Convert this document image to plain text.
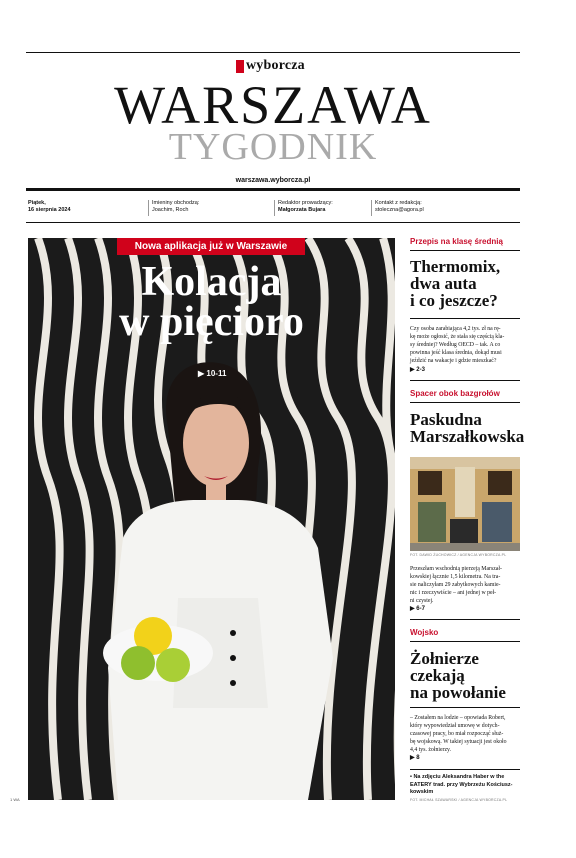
wyborcza
WARSZAWA
TYGODNIK
warszawa.wyborcza.pl
Piątek,
16 sierpnia 2024
Imieniny obchodzą:
Joachim, Roch
Redaktor prowadzący:
Małgorzata Bujara
Kontakt z redakcją:
stolecznа@agora.pl
Nowa aplikacja już w Warszawie
Kolacja
w pięcioro
▶ 10-11
Przepis na klasę średnią
Thermomix,
dwa auta
i co jeszcze?
Czy osoba zarabiająca 4,2 tys. zł na rę-
kę może ogłosić, że stała się częścią kla-
sy średniej? Według OECD – tak. A co
powinna jeść klasa średnia, dokąd musi
jeździć na wakacje i gdzie mieszkać?
▶ 2-3
Spacer obok bazgrołów
Paskudna
Marszałkowska
FOT. DAWID ŻUCHOWICZ / AGENCJA WYBORCZA.PL
Przeszłam wschodnią pierzeją Marszał-
kowskiej łącznie 1,5 kilometra. Na tra-
sie naliczyłam 29 zabytkowych kamie-
nic i rzeczywiście – ani jednej w peł-
ni czystej.
▶ 6-7
Wojsko
Żołnierze
czekają
na powołanie
– Zostałem na lodzie – opowiada Robert,
który wypowiedział umowę w dotych-
czasowej pracy, bo miał rozpocząć służ-
bę wojskową. W takiej sytuacji jest około
4,4 tys. żołnierzy.
▶ 8
• Na zdjęciu Aleksandra Haber w the
EATERY trad. przy Wybrzeżu Kościusz-
kowskim
FOT. MICHAŁ SZAWARSKI / AGENCJA WYBORCZA.PL
1 WA
